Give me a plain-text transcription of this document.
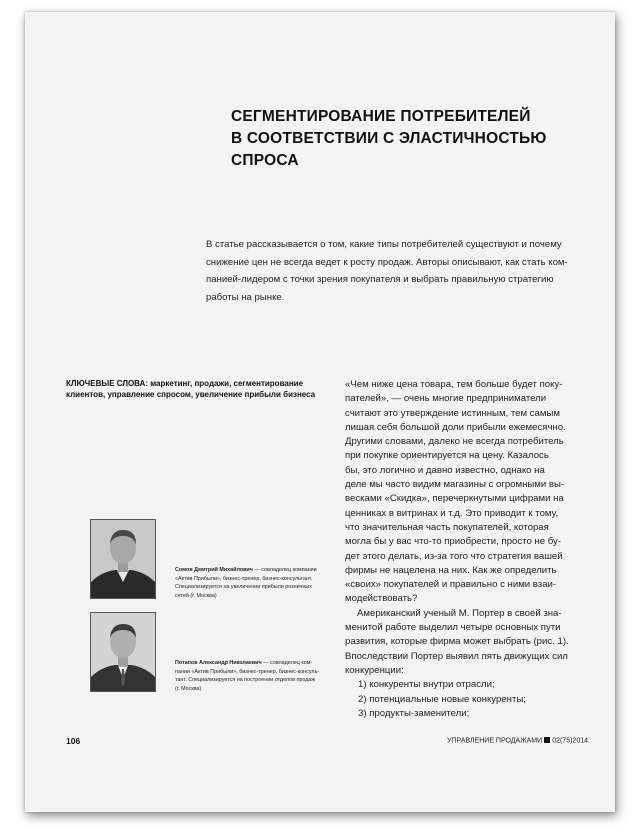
СЕГМЕНТИРОВАНИЕ ПОТРЕБИТЕЛЕЙ
В СООТВЕТСТВИИ С ЭЛАСТИЧНОСТЬЮ
СПРОСА
В статье рассказывается о том, какие типы потребителей существуют и почему
снижение цен не всегда ведет к росту продаж. Авторы описывают, как стать ком-
панией-лидером с точки зрения покупателя и выбрать правильную стратегию
работы на рынке.
КЛЮЧЕВЫЕ СЛОВА: маркетинг, продажи, сегментирование
клиентов, управление спросом, увеличение прибыли бизнеса
Сомов Дмитрий Михайлович — совладелец компании
«Актив Прибыли», бизнес-тренер, бизнес-консультант.
Специализируется на увеличении прибыли розничных
сетей (г. Москва)
Потапов Александр Николаевич — совладелец ком-
пании «Актив Прибыли», бизнес-тренер, бизнес-консуль-
тант. Специализируется на построении отделов продаж
(г. Москва)
«Чем ниже цена товара, тем больше будет поку-
пателей», — очень многие предприниматели
считают это утверждение истинным, тем самым
лишая себя большой доли прибыли ежемесячно.
Другими словами, далеко не всегда потребитель
при покупке ориентируется на цену. Казалось
бы, это логично и давно известно, однако на
деле мы часто видим магазины с огромными вы-
весками «Скидка», перечеркнутыми цифрами на
ценниках в витринах и т.д. Это приводит к тому,
что значительная часть покупателей, которая
могла бы у вас что-то приобрести, просто не бу-
дет этого делать, из-за того что стратегия вашей
фирмы не нацелена на них. Как же определить
«своих» покупателей и правильно с ними взаи-
модействовать?
Американский ученый М. Портер в своей зна-
менитой работе выделил четыре основных пути
развития, которые фирма может выбрать (рис. 1).
Впоследствии Портер выявил пять движущих сил
конкуренции:
1) конкуренты внутри отрасли;
2) потенциальные новые конкуренты;
3) продукты-заменители;
106	УПРАВЛЕНИЕ ПРОДАЖАМИ 02(75)2014
